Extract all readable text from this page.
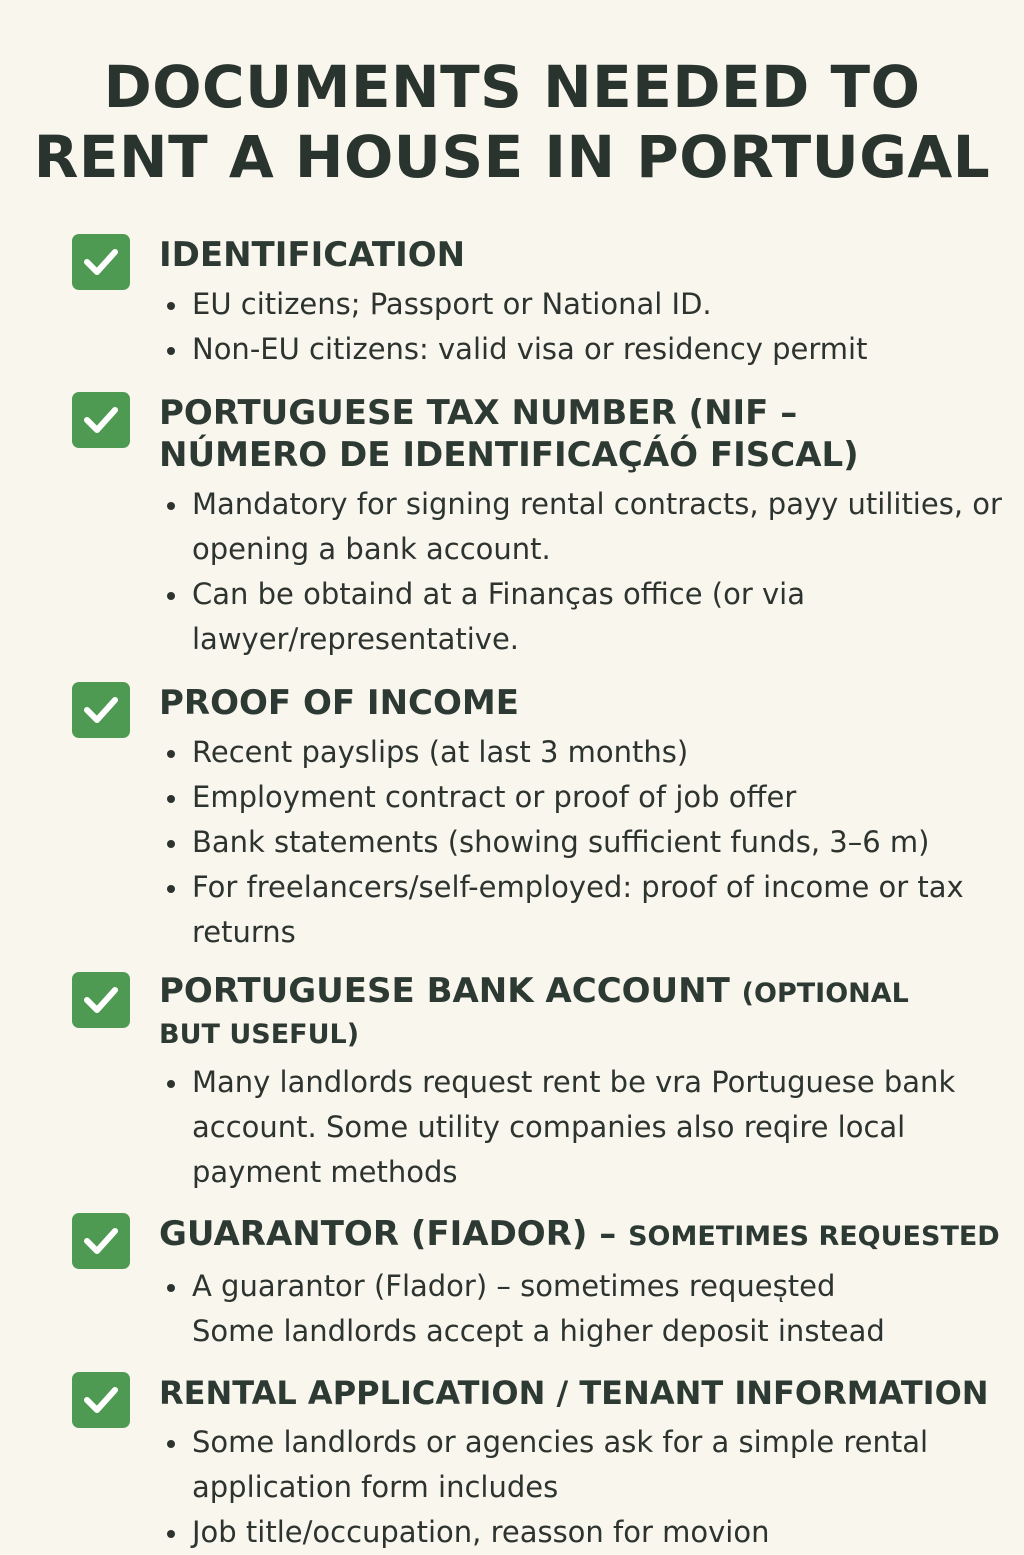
DOCUMENTS NEEDED TO
RENT A HOUSE IN PORTUGAL
IDENTIFICATION
EU citizens; Passport or National ID.
Non-EU citizens: valid visa or residency permit
PORTUGUESE TAX NUMBER (NIF –
NÚMERO DE IDENTIFICAÇÁÓ FISCAL)
Mandatory for signing rental contracts, payy utilities, or opening a bank account.
Can be obtaind at a Finanças office (or via lawyer/representative.
PROOF OF INCOME
Recent payslips (at last 3 months)
Employment contract or proof of job offer
Bank statements (showing sufficient funds, 3–6 m)
For freelancers/self-employed: proof of income or tax returns
PORTUGUESE BANK ACCOUNT (OPTIONAL
BUT USEFUL)
Many landlords request rent be vra Portuguese bank account. Some utility companies also reqire local payment methods
GUARANTOR (FIADOR) – SOMETIMES REQUESTED
A guarantor (Flador) – sometimes requesͅted
Some landlords accept a higher deposit instead
RENTAL APPLICATION / TENANT INFORMATION
Some landlords or agencies ask for a simple rental application form includes
Job title/occupation, reasson for movion
